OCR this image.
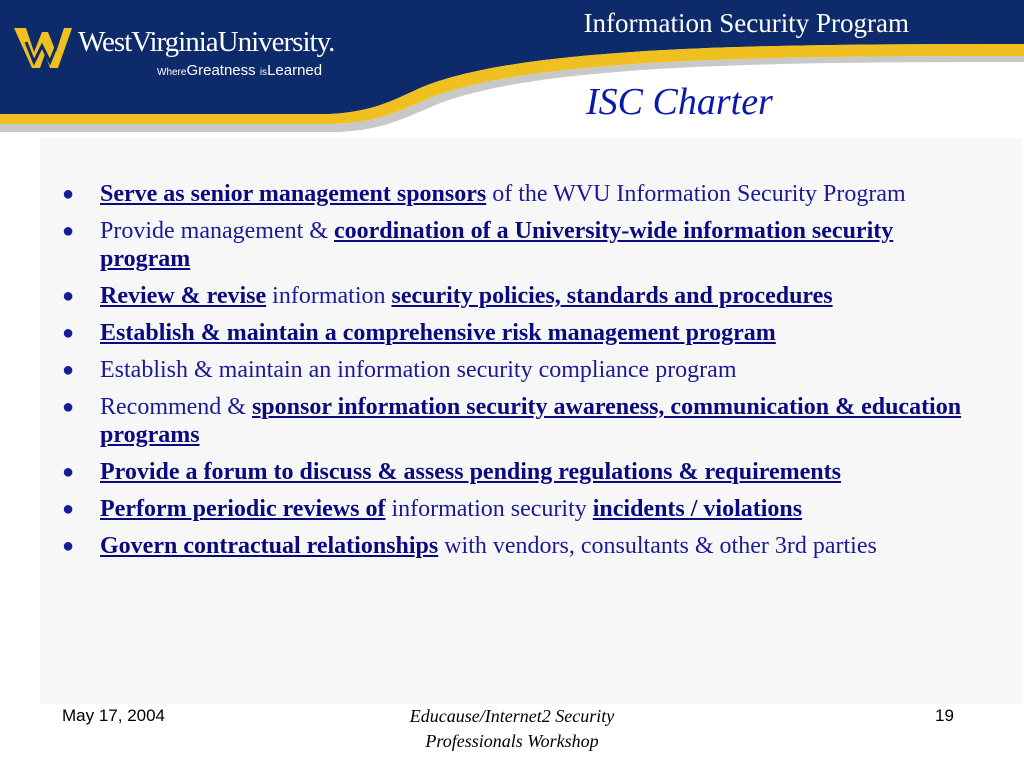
WestVirginiaUniversity.
WhereGreatness isLearned
Information Security Program
ISC Charter
● Serve as senior management sponsors of the WVU Information Security Program
● Provide management & coordination of a University-wide information security program
● Review & revise information security policies, standards and procedures
● Establish & maintain a comprehensive risk management program
● Establish & maintain an information security compliance program
● Recommend & sponsor information security awareness, communication & education programs
● Provide a forum to discuss & assess pending regulations & requirements
● Perform periodic reviews of information security incidents / violations
● Govern contractual relationships with vendors, consultants & other 3rd parties
May 17, 2004	Educause/Internet2 Security
Professionals Workshop
19
